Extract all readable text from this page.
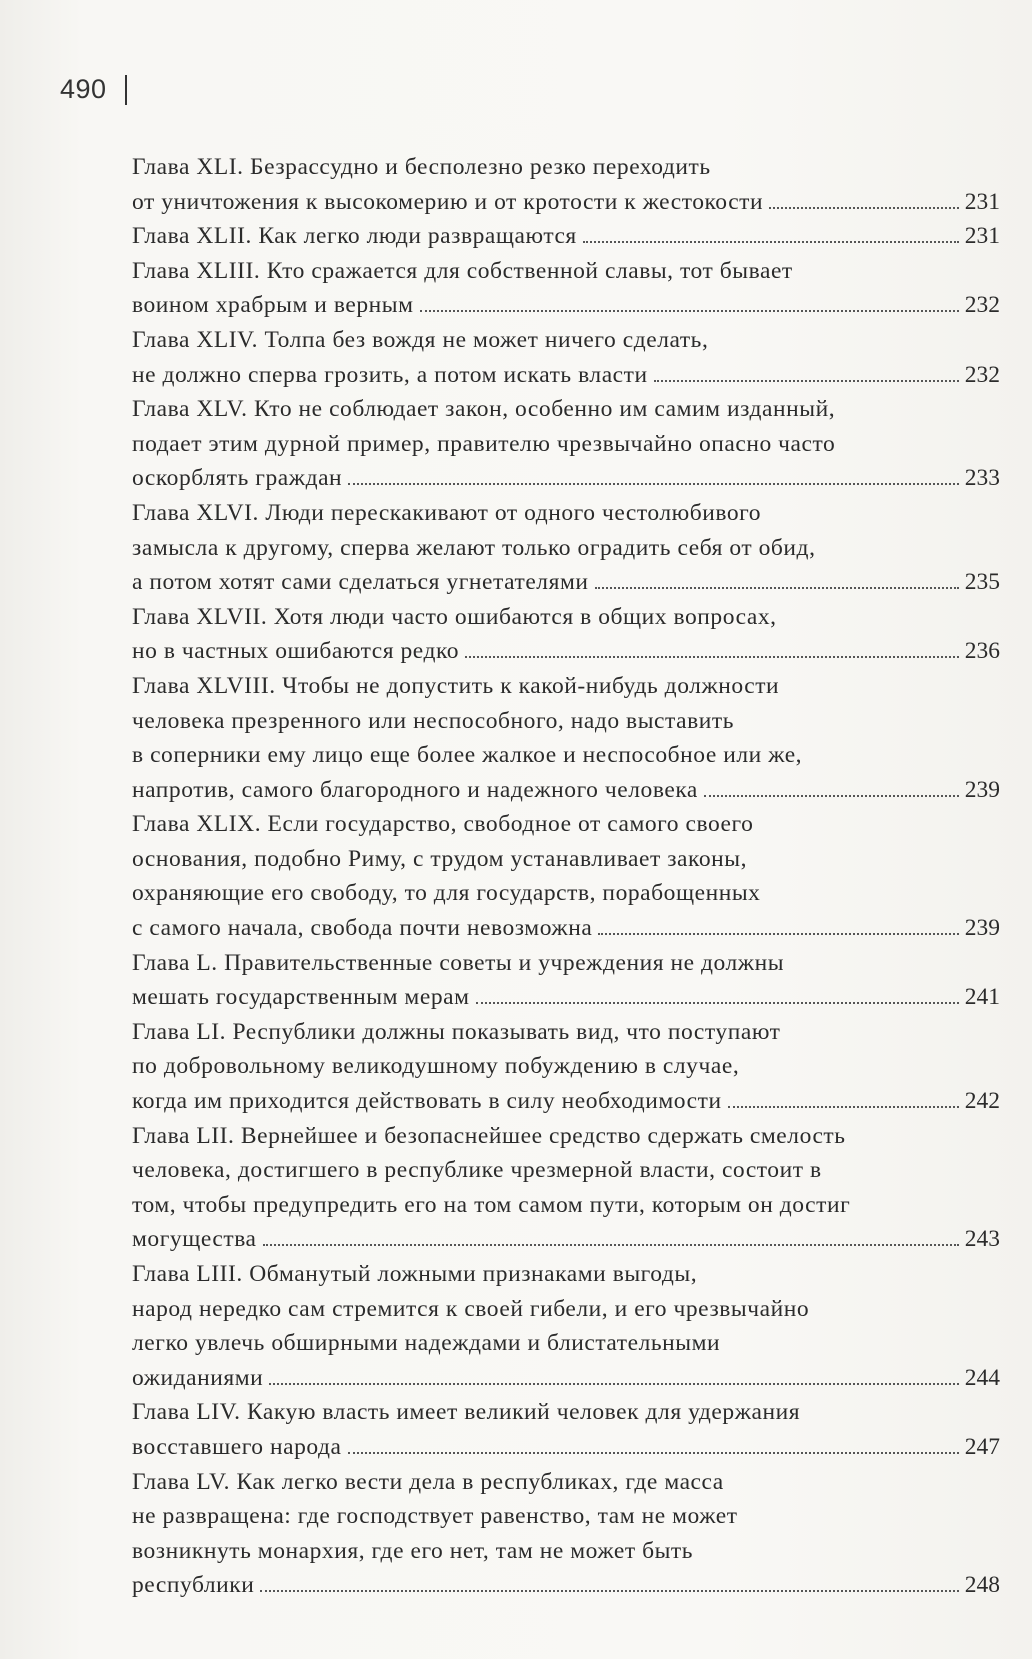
490
Глава XLI. Безрассудно и бесполезно резко переходить
от уничтожения к высокомерию и от кротости к жестокости	231
Глава XLII. Как легко люди развращаются	231
Глава XLIII. Кто сражается для собственной славы, тот бывает
воином храбрым и верным	232
Глава XLIV. Толпа без вождя не может ничего сделать,
не должно сперва грозить, а потом искать власти	232
Глава XLV. Кто не соблюдает закон, особенно им самим изданный,
подает этим дурной пример, правителю чрезвычайно опасно часто
оскорблять граждан	233
Глава XLVI. Люди перескакивают от одного честолюбивого
замысла к другому, сперва желают только оградить себя от обид,
а потом хотят сами сделаться угнетателями	235
Глава XLVII. Хотя люди часто ошибаются в общих вопросах,
но в частных ошибаются редко	236
Глава XLVIII. Чтобы не допустить к какой-нибудь должности
человека презренного или неспособного, надо выставить
в соперники ему лицо еще более жалкое и неспособное или же,
напротив, самого благородного и надежного человека	239
Глава XLIX. Если государство, свободное от самого своего
основания, подобно Риму, с трудом устанавливает законы,
охраняющие его свободу, то для государств, порабощенных
с самого начала, свобода почти невозможна	239
Глава L. Правительственные советы и учреждения не должны
мешать государственным мерам	241
Глава LI. Республики должны показывать вид, что поступают
по добровольному великодушному побуждению в случае,
когда им приходится действовать в силу необходимости	242
Глава LII. Вернейшее и безопаснейшее средство сдержать смелость
человека, достигшего в республике чрезмерной власти, состоит в
том, чтобы предупредить его на том самом пути, которым он достиг
могущества	243
Глава LIII. Обманутый ложными признаками выгоды,
народ нередко сам стремится к своей гибели, и его чрезвычайно
легко увлечь обширными надеждами и блистательными
ожиданиями	244
Глава LIV. Какую власть имеет великий человек для удержания
восставшего народа	247
Глава LV. Как легко вести дела в республиках, где масса
не развращена: где господствует равенство, там не может
возникнуть монархия, где его нет, там не может быть
республики	248
